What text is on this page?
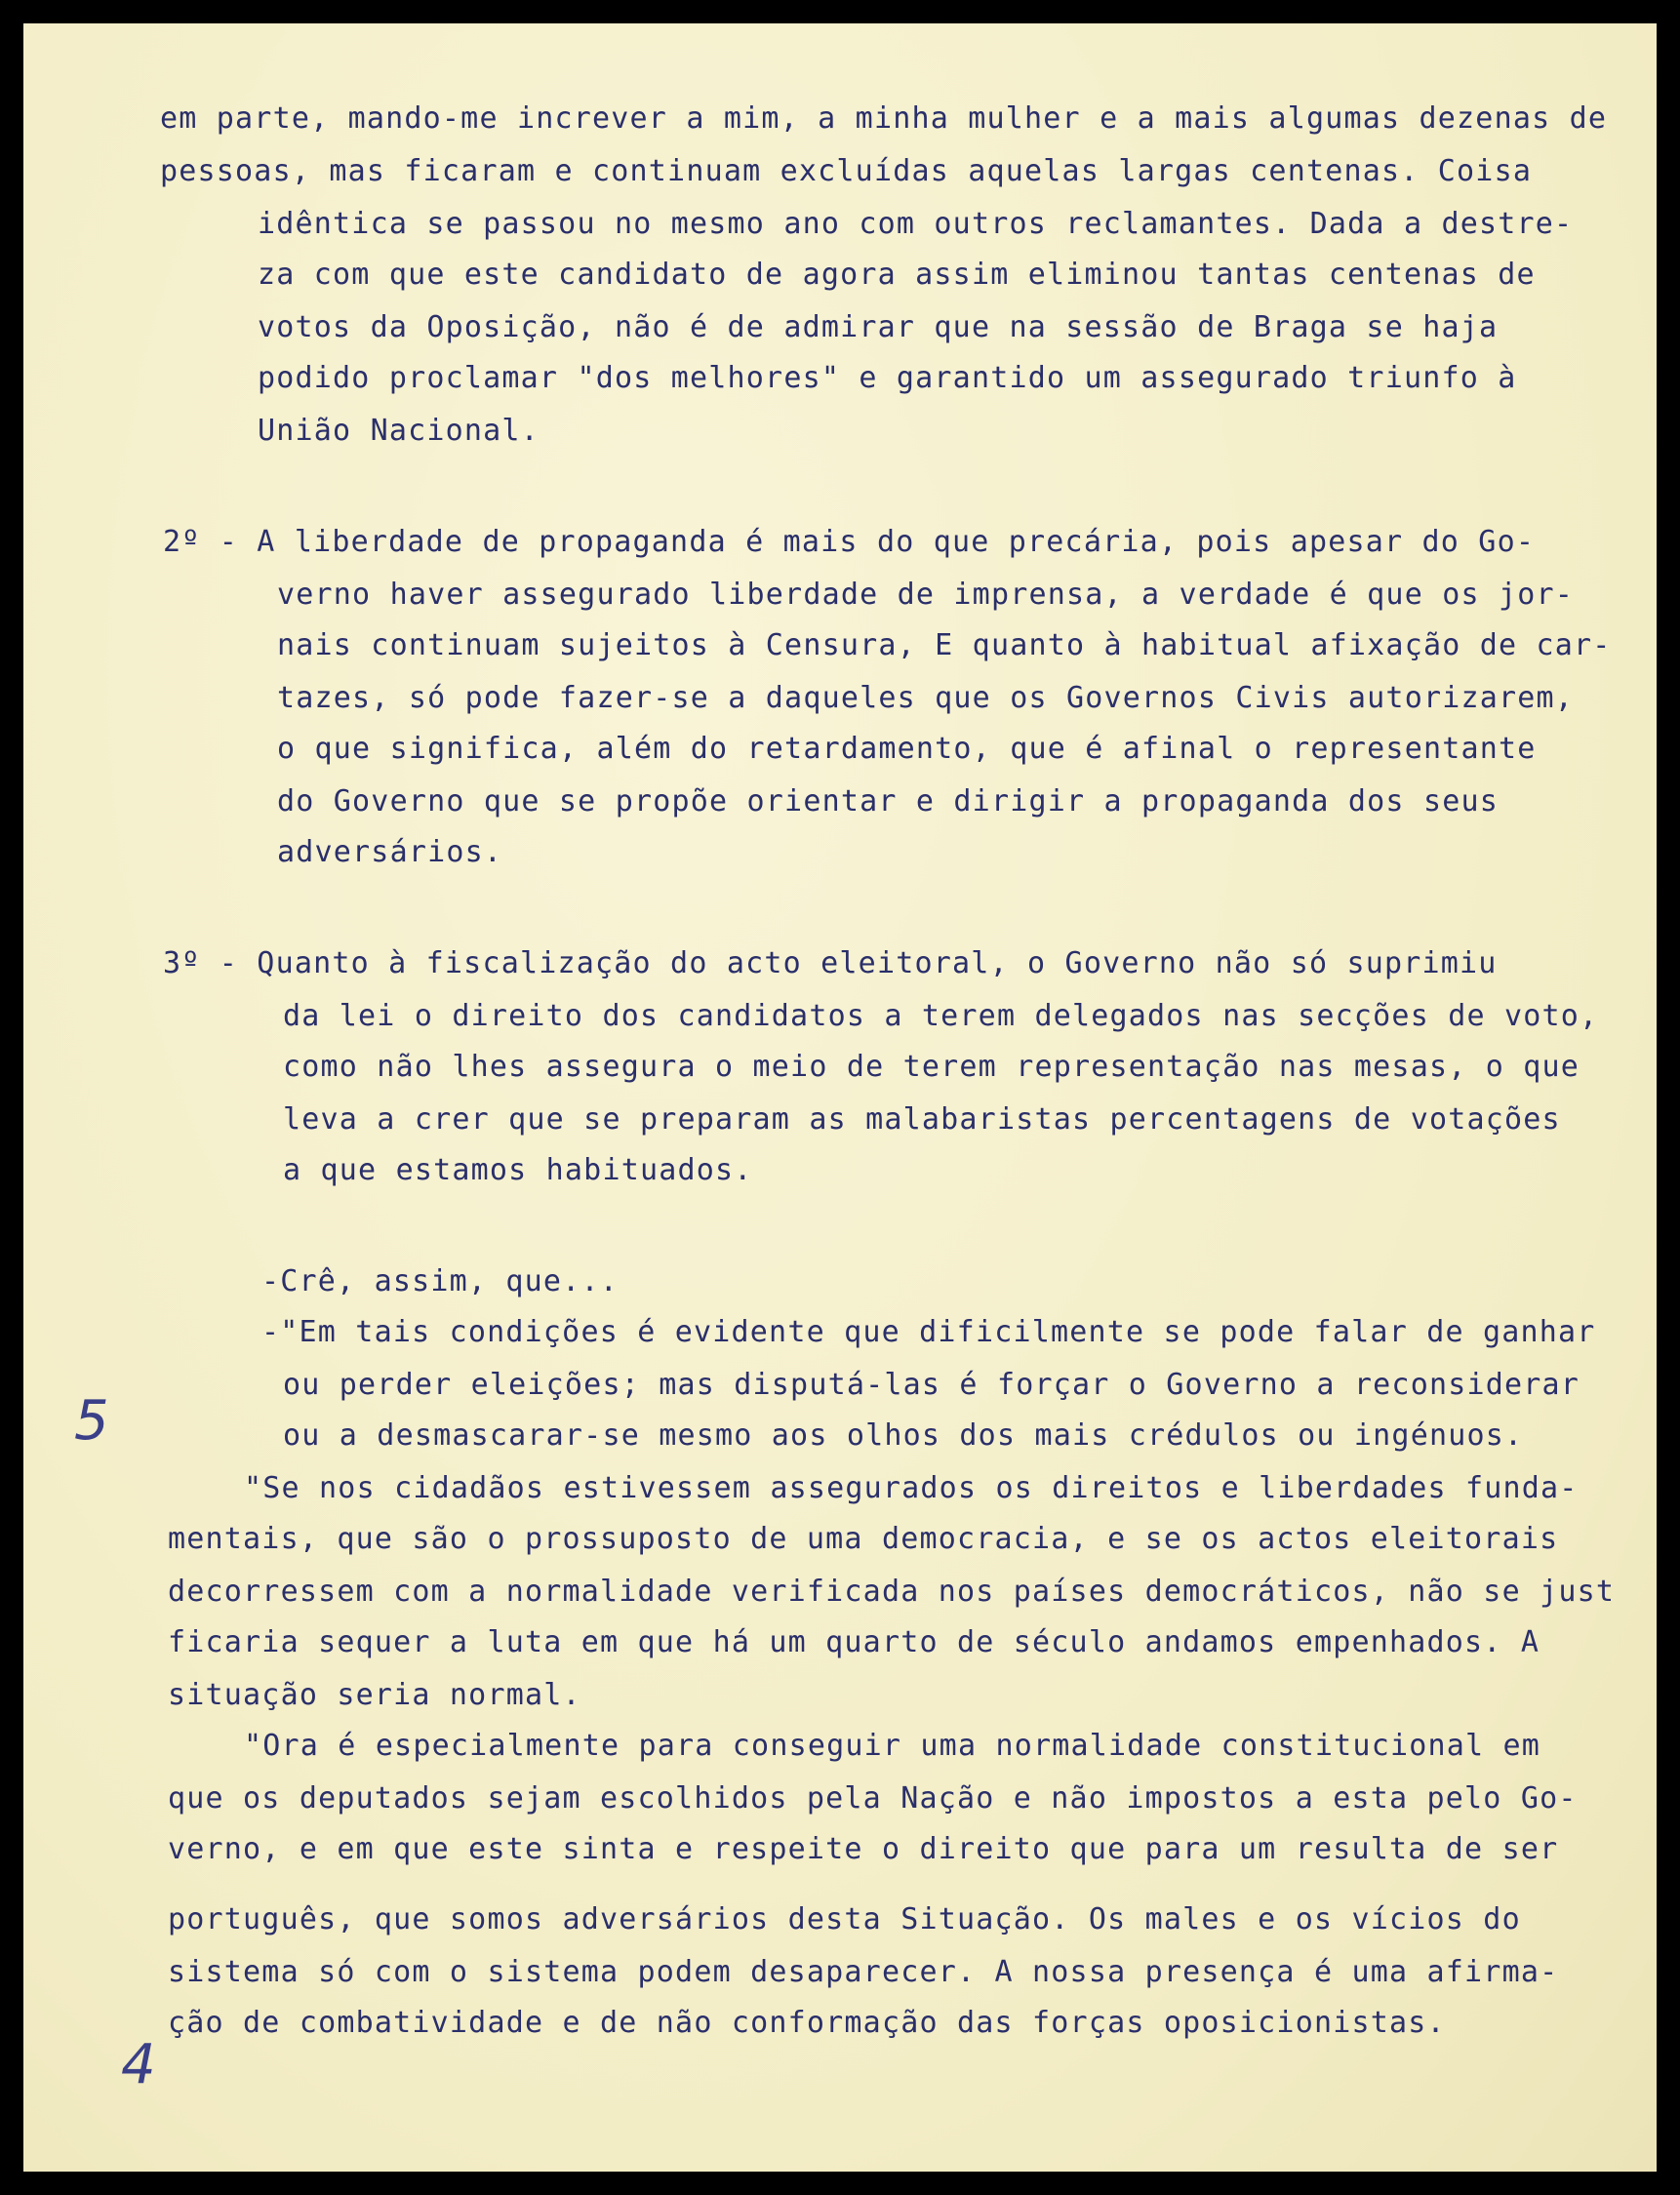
em parte, mando-me increver a mim, a minha mulher e a mais algumas dezenas de
pessoas, mas ficaram e continuam excluídas aquelas largas centenas. Coisa
idêntica se passou no mesmo ano com outros reclamantes. Dada a destre-
za com que este candidato de agora assim eliminou tantas centenas de
votos da Oposição, não é de admirar que na sessão de Braga se haja
podido proclamar "dos melhores" e garantido um assegurado triunfo à
União Nacional.
2º - A liberdade de propaganda é mais do que precária, pois apesar do Go-
verno haver assegurado liberdade de imprensa, a verdade é que os jor-
nais continuam sujeitos à Censura, E quanto à habitual afixação de car-
tazes, só pode fazer-se a daqueles que os Governos Civis autorizarem,
o que significa, além do retardamento, que é afinal o representante
do Governo que se propõe orientar e dirigir a propaganda dos seus
adversários.
3º - Quanto à fiscalização do acto eleitoral, o Governo não só suprimiu
da lei o direito dos candidatos a terem delegados nas secções de voto,
como não lhes assegura o meio de terem representação nas mesas, o que
leva a crer que se preparam as malabaristas percentagens de votações
a que estamos habituados.
-Crê, assim, que...
-"Em tais condições é evidente que dificilmente se pode falar de ganhar
ou perder eleições; mas disputá-las é forçar o Governo a reconsiderar
ou a desmascarar-se mesmo aos olhos dos mais crédulos ou ingénuos.
"Se nos cidadãos estivessem assegurados os direitos e liberdades funda-
mentais, que são o prossuposto de uma democracia, e se os actos eleitorais
decorressem com a normalidade verificada nos países democráticos, não se just
ficaria sequer a luta em que há um quarto de século andamos empenhados. A
situação seria normal.
"Ora é especialmente para conseguir uma normalidade constitucional em
que os deputados sejam escolhidos pela Nação e não impostos a esta pelo Go-
verno, e em que este sinta e respeite o direito que para um resulta de ser
português, que somos adversários desta Situação. Os males e os vícios do
sistema só com o sistema podem desaparecer. A nossa presença é uma afirma-
ção de combatividade e de não conformação das forças oposicionistas.
5
4
